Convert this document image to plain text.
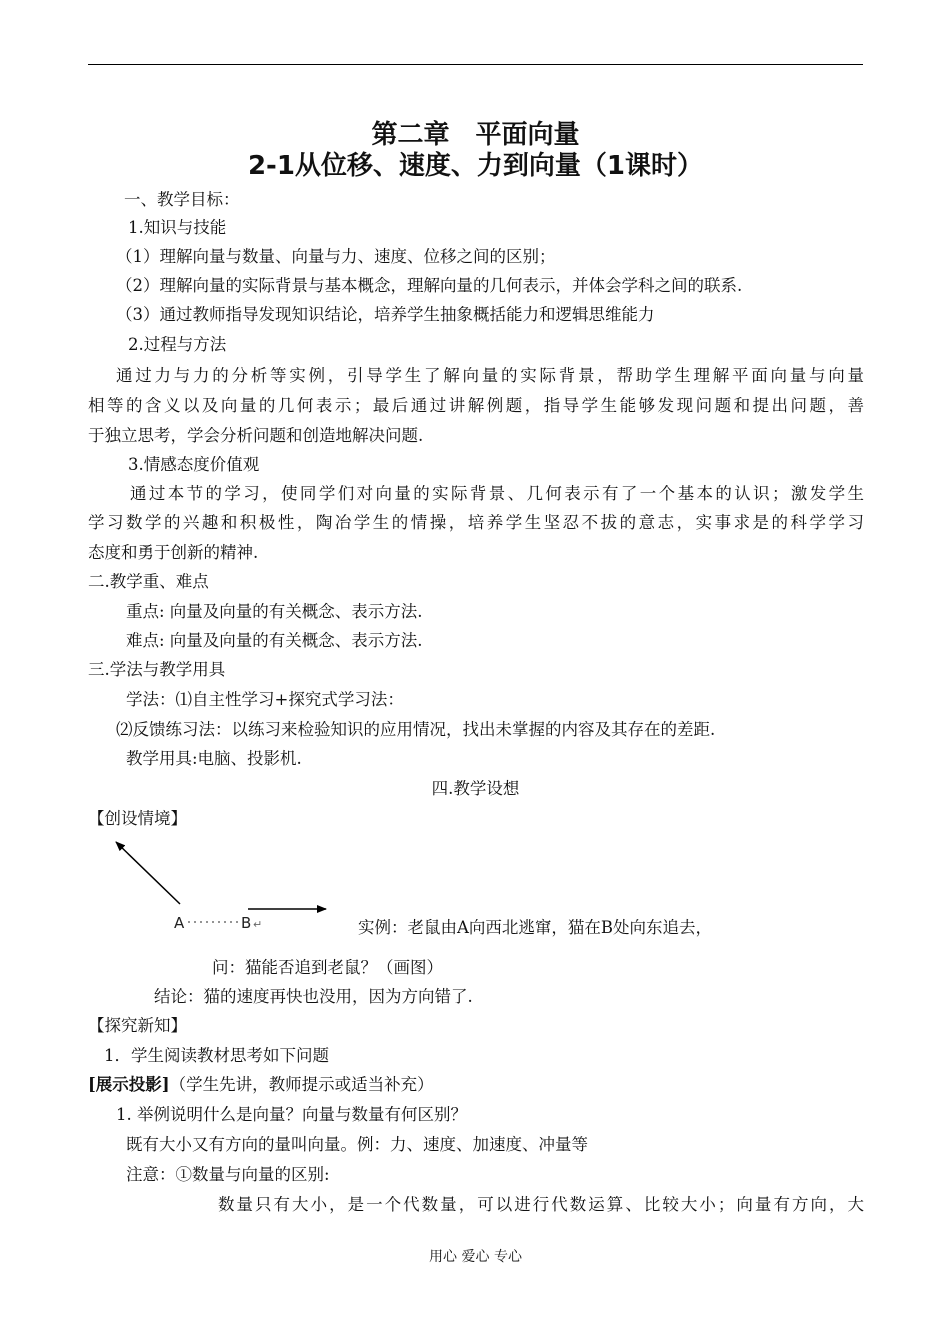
第二章　平面向量
2-1从位移、速度、力到向量（1课时）
一、教学目标：
1.知识与技能
（1）理解向量与数量、向量与力、速度、位移之间的区别；
（2）理解向量的实际背景与基本概念，理解向量的几何表示，并体会学科之间的联系.
（3）通过教师指导发现知识结论，培养学生抽象概括能力和逻辑思维能力
2.过程与方法
通过力与力的分析等实例，引导学生了解向量的实际背景，帮助学生理解平面向量与向量
相等的含义以及向量的几何表示；最后通过讲解例题，指导学生能够发现问题和提出问题，善
于独立思考，学会分析问题和创造地解决问题.
3.情感态度价值观
通过本节的学习，使同学们对向量的实际背景、几何表示有了一个基本的认识；激发学生
学习数学的兴趣和积极性，陶冶学生的情操，培养学生坚忍不拔的意志，实事求是的科学学习
态度和勇于创新的精神.
二.教学重、难点
重点: 向量及向量的有关概念、表示方法.
难点: 向量及向量的有关概念、表示方法.
三.学法与教学用具
学法：⑴自主性学习+探究式学习法：
⑵反馈练习法：以练习来检验知识的应用情况，找出未掌握的内容及其存在的差距.
教学用具:电脑、投影机.
四.教学设想
【创设情境】
A	B ↵	实例：老鼠由A向西北逃窜，猫在B处向东追去，
问：猫能否追到老鼠？（画图）
结论：猫的速度再快也没用，因为方向错了.
【探究新知】
1．学生阅读教材思考如下问题
[展示投影]（学生先讲，教师提示或适当补充）
1. 举例说明什么是向量？向量与数量有何区别？
既有大小又有方向的量叫向量。例：力、速度、加速度、冲量等
注意：①数量与向量的区别:
数量只有大小，是一个代数量，可以进行代数运算、比较大小；向量有方向，大
用心 爱心 专心
